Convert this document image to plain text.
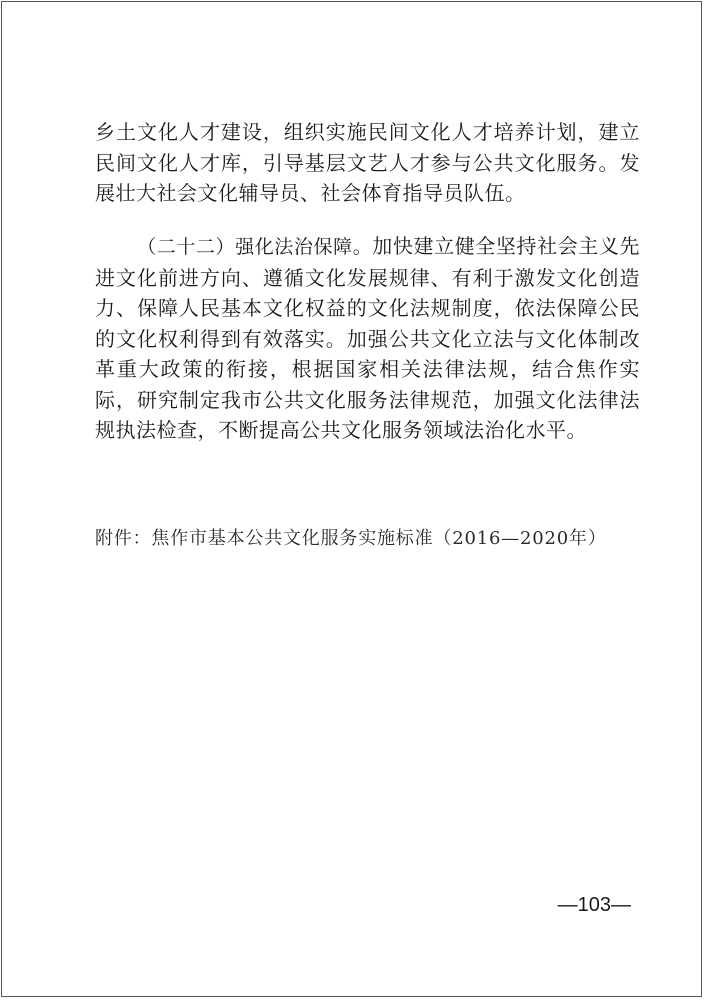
乡土文化人才建设，组织实施民间文化人才培养计划，建立民间文化人才库，引导基层文艺人才参与公共文化服务。发展壮大社会文化辅导员、社会体育指导员队伍。

（二十二）强化法治保障。加快建立健全坚持社会主义先进文化前进方向、遵循文化发展规律、有利于激发文化创造力、保障人民基本文化权益的文化法规制度，依法保障公民的文化权利得到有效落实。加强公共文化立法与文化体制改革重大政策的衔接，根据国家相关法律法规，结合焦作实际，研究制定我市公共文化服务法律规范，加强文化法律法规执法检查，不断提高公共文化服务领域法治化水平。

附件：焦作市基本公共文化服务实施标准（2016—2020年）

—103—
